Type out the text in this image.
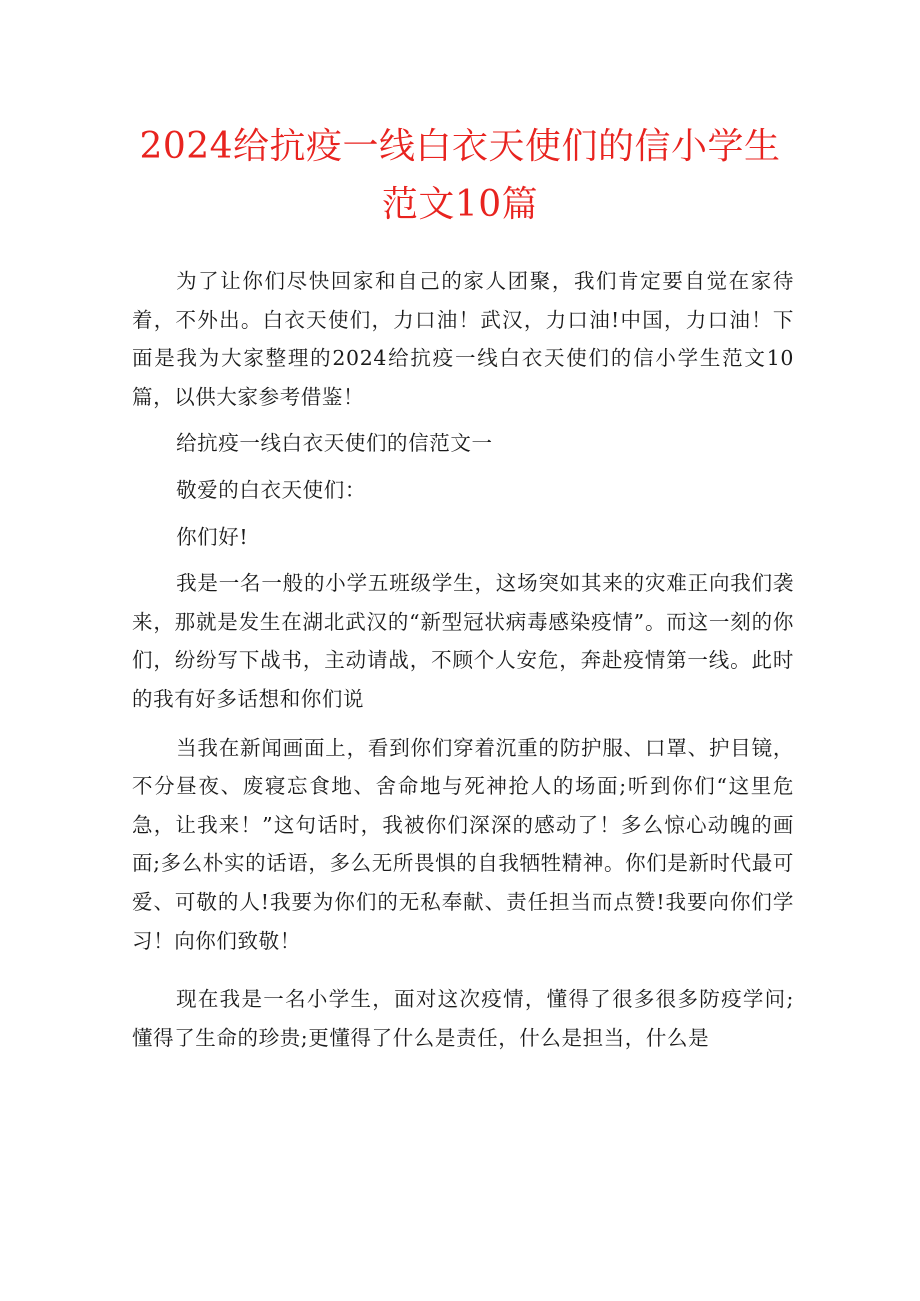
2024给抗疫一线白衣天使们的信小学生
范文10篇

为了让你们尽快回家和自己的家人团聚，我们肯定要自觉在家待着，不外出。白衣天使们，力口油！武汉，力口油!中国，力口油！下面是我为大家整理的2024给抗疫一线白衣天使们的信小学生范文10篇，以供大家参考借鉴！

给抗疫一线白衣天使们的信范文一

敬爱的白衣天使们：

你们好!

我是一名一般的小学五班级学生，这场突如其来的灾难正向我们袭来，那就是发生在湖北武汉的“新型冠状病毒感染疫情”。而这一刻的你们，纷纷写下战书，主动请战，不顾个人安危，奔赴疫情第一线。此时的我有好多话想和你们说

当我在新闻画面上，看到你们穿着沉重的防护服、口罩、护目镜，不分昼夜、废寝忘食地、舍命地与死神抢人的场面;听到你们“这里危急，让我来！”这句话时，我被你们深深的感动了！多么惊心动魄的画面;多么朴实的话语，多么无所畏惧的自我牺牲精神。你们是新时代最可爱、可敬的人!我要为你们的无私奉献、责任担当而点赞!我要向你们学习！向你们致敬！

现在我是一名小学生，面对这次疫情，懂得了很多很多防疫学问;懂得了生命的珍贵;更懂得了什么是责任，什么是担当，什么是
